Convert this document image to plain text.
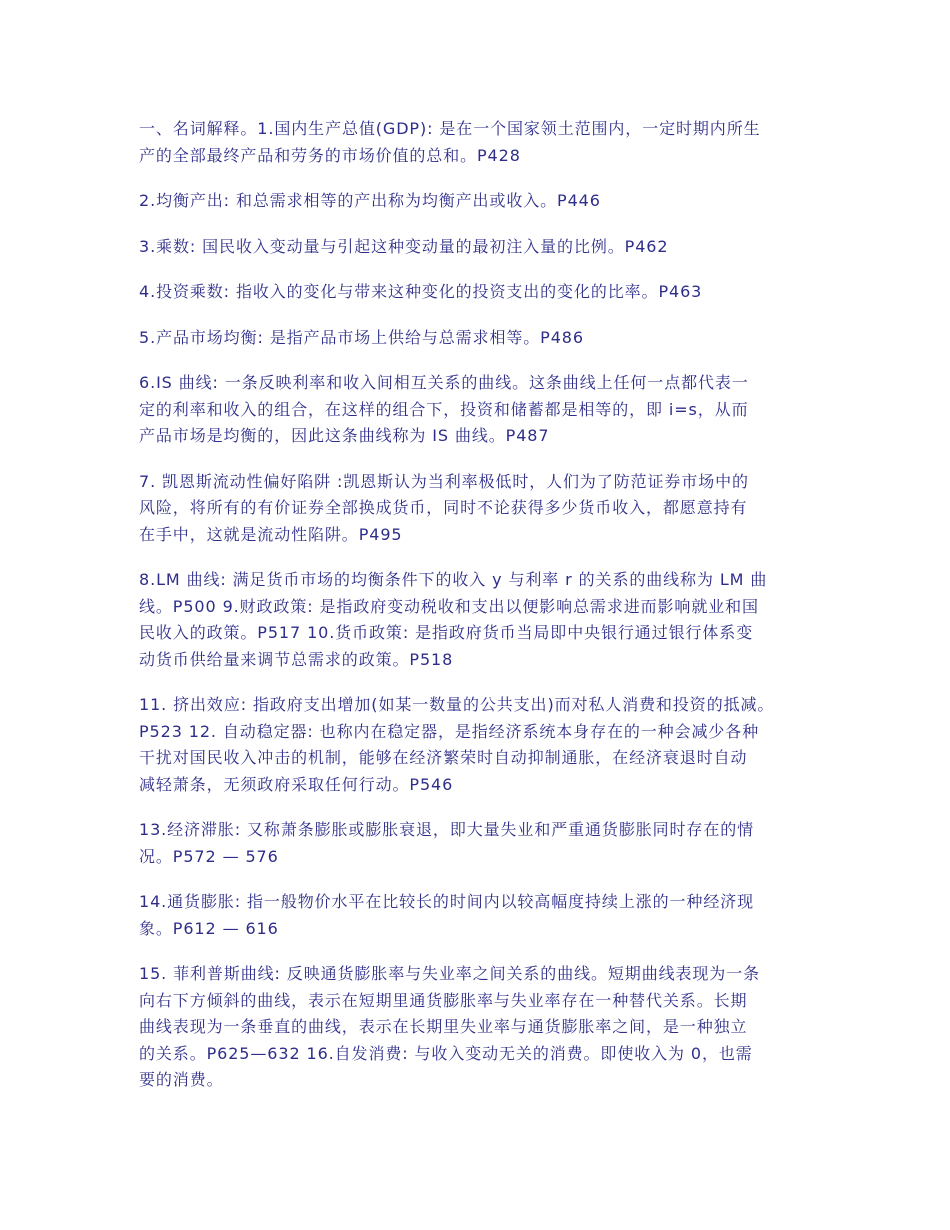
一、名词解释。1.国内生产总值(GDP): 是在一个国家领土范围内，一定时期内所生
产的全部最终产品和劳务的市场价值的总和。P428

2.均衡产出: 和总需求相等的产出称为均衡产出或收入。P446

3.乘数: 国民收入变动量与引起这种变动量的最初注入量的比例。P462

4.投资乘数: 指收入的变化与带来这种变化的投资支出的变化的比率。P463

5.产品市场均衡: 是指产品市场上供给与总需求相等。P486

6.IS 曲线: 一条反映利率和收入间相互关系的曲线。这条曲线上任何一点都代表一
定的利率和收入的组合，在这样的组合下，投资和储蓄都是相等的，即 i=s，从而
产品市场是均衡的，因此这条曲线称为 IS 曲线。P487

7. 凯恩斯流动性偏好陷阱 :凯恩斯认为当利率极低时，人们为了防范证券市场中的
风险，将所有的有价证券全部换成货币，同时不论获得多少货币收入，都愿意持有
在手中，这就是流动性陷阱。P495

8.LM 曲线: 满足货币市场的均衡条件下的收入 y 与利率 r 的关系的曲线称为 LM 曲
线。P500 9.财政政策: 是指政府变动税收和支出以便影响总需求进而影响就业和国
民收入的政策。P517 10.货币政策: 是指政府货币当局即中央银行通过银行体系变
动货币供给量来调节总需求的政策。P518

11. 挤出效应: 指政府支出增加(如某一数量的公共支出)而对私人消费和投资的抵减。
P523 12. 自动稳定器: 也称内在稳定器，是指经济系统本身存在的一种会减少各种
干扰对国民收入冲击的机制，能够在经济繁荣时自动抑制通胀，在经济衰退时自动
减轻萧条，无须政府采取任何行动。P546

13.经济滞胀: 又称萧条膨胀或膨胀衰退，即大量失业和严重通货膨胀同时存在的情
况。P572 — 576

14.通货膨胀: 指一般物价水平在比较长的时间内以较高幅度持续上涨的一种经济现
象。P612 — 616

15. 菲利普斯曲线: 反映通货膨胀率与失业率之间关系的曲线。短期曲线表现为一条
向右下方倾斜的曲线，表示在短期里通货膨胀率与失业率存在一种替代关系。长期
曲线表现为一条垂直的曲线，表示在长期里失业率与通货膨胀率之间，是一种独立
的关系。P625—632 16.自发消费: 与收入变动无关的消费。即使收入为 0，也需
要的消费。
